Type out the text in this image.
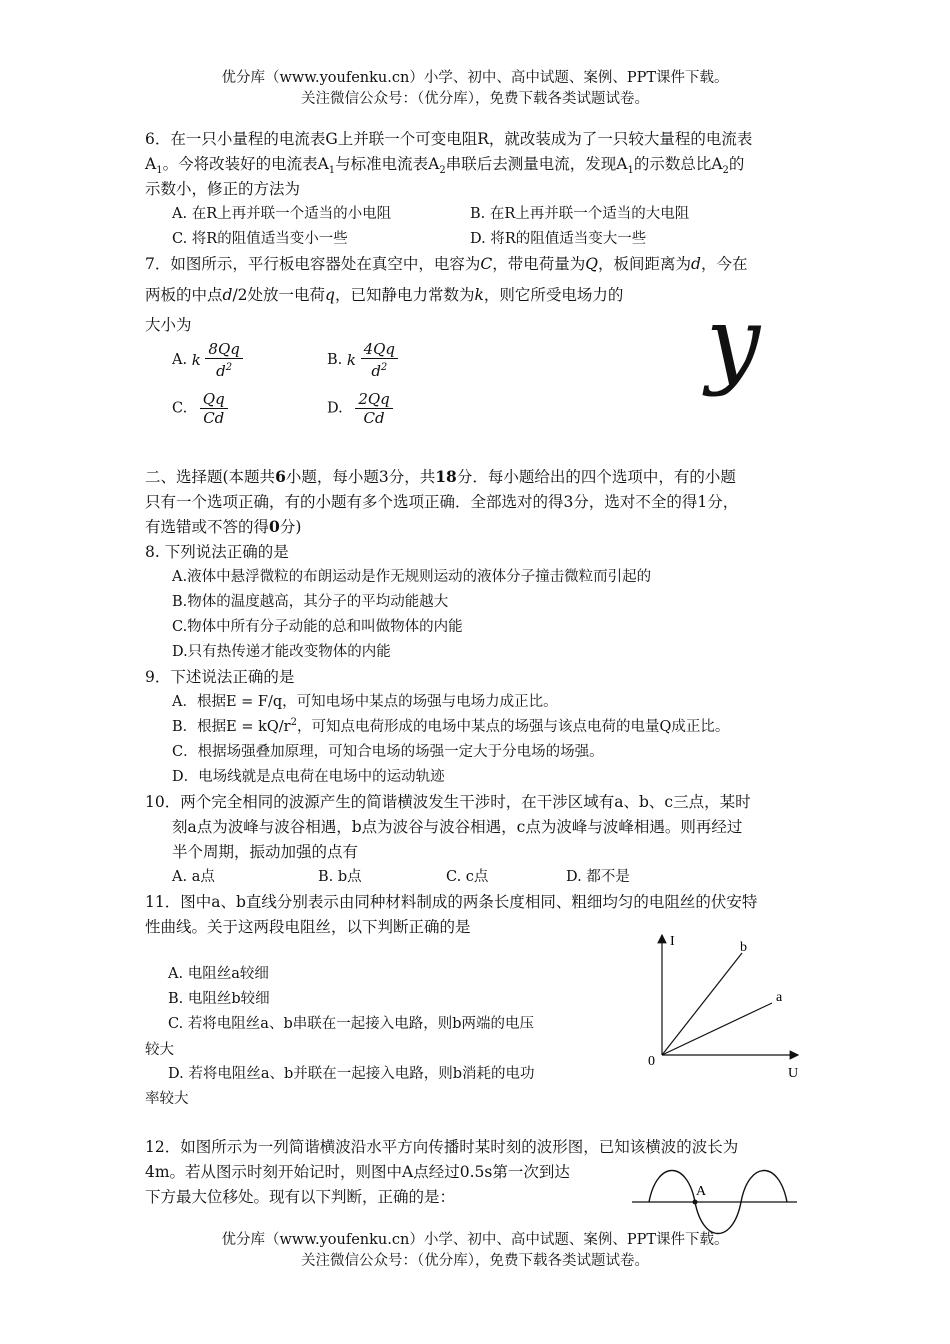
优分库（www.youfenku.cn）小学、初中、高中试题、案例、PPT课件下载。
关注微信公众号：（优分库），免费下载各类试题试卷。
6．在一只小量程的电流表G上并联一个可变电阻R，就改装成为了一只较大量程的电流表
$A_1$。今将改装好的电流表$A_1$与标准电流表$A_2$串联后去测量电流，发现$A_1$的示数总比$A_2$的
示数小，修正的方法为
A. 在R上再并联一个适当的小电阻	B. 在R上再并联一个适当的大电阻
C. 将R的阻值适当变小一些	D. 将R的阻值适当变大一些
7．如图所示，平行板电容器处在真空中，电容为C，带电荷量为Q，板间距离为d，今在
两板的中点d/2处放一电荷q，已知静电力常数为k，则它所受电场力的
大小为	y
A. k $\frac{8Qq}{d^2}$	B. k $\frac{4Qq}{d^2}$
C. $\frac{Qq}{Cd}$	D. $\frac{2Qq}{Cd}$
二、选择题(本题共6小题，每小题3分，共18分．每小题给出的四个选项中，有的小题
只有一个选项正确，有的小题有多个选项正确．全部选对的得3分，选对不全的得1分，
有选错或不答的得0分)
8. 下列说法正确的是
A.液体中悬浮微粒的布朗运动是作无规则运动的液体分子撞击微粒而引起的
B.物体的温度越高，其分子的平均动能越大
C.物体中所有分子动能的总和叫做物体的内能
D.只有热传递才能改变物体的内能
9．下述说法正确的是
A．根据E = F/q，可知电场中某点的场强与电场力成正比。
B．根据$E = kQ/r^2$，可知点电荷形成的电场中某点的场强与该点电荷的电量Q成正比。
C．根据场强叠加原理，可知合电场的场强一定大于分电场的场强。
D．电场线就是点电荷在电场中的运动轨迹
10．两个完全相同的波源产生的简谐横波发生干涉时，在干涉区域有a、b、c三点，某时
刻a点为波峰与波谷相遇，b点为波谷与波谷相遇，c点为波峰与波峰相遇。则再经过
半个周期，振动加强的点有
A. a点	B. b点	C. c点	D. 都不是
11．图中a、b直线分别表示由同种材料制成的两条长度相同、粗细均匀的电阻丝的伏安特
性曲线。关于这两段电阻丝，以下判断正确的是
A. 电阻丝a较细
B. 电阻丝b较细
C. 若将电阻丝a、b串联在一起接入电路，则b两端的电压
较大
D. 若将电阻丝a、b并联在一起接入电路，则b消耗的电功
率较大
I
U
0
b
a
12．如图所示为一列简谐横波沿水平方向传播时某时刻的波形图，已知该横波的波长为
4m。若从图示时刻开始记时，则图中A点经过0.5s第一次到达
下方最大位移处。现有以下判断，正确的是：	A
优分库（www.youfenku.cn）小学、初中、高中试题、案例、PPT课件下载。
关注微信公众号：（优分库），免费下载各类试题试卷。
